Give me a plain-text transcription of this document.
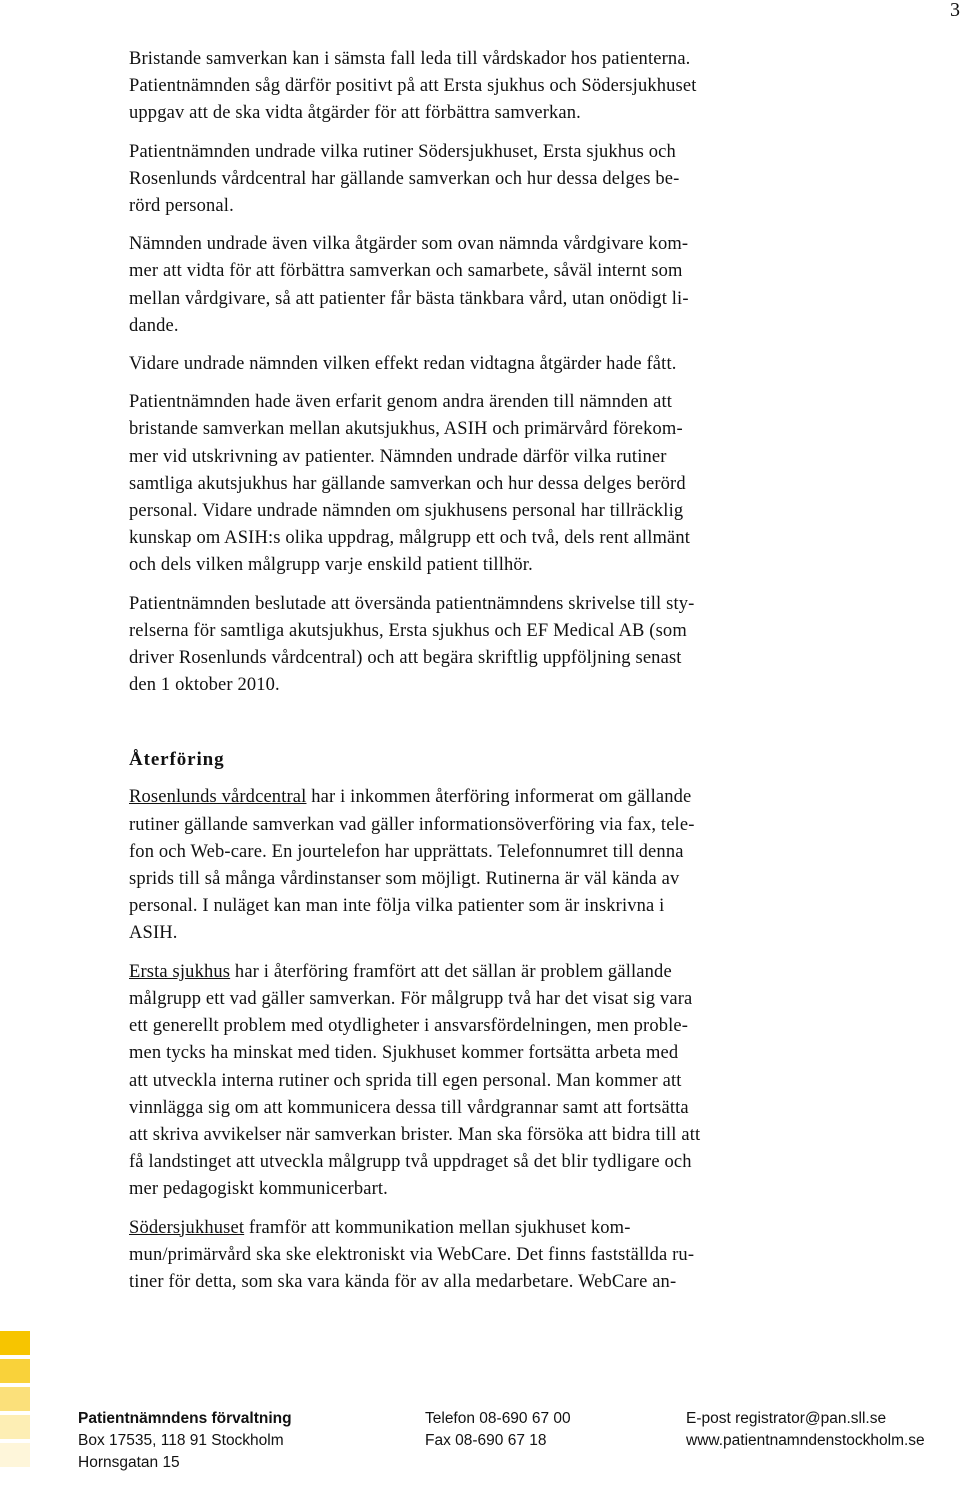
3

Bristande samverkan kan i sämsta fall leda till vårdskador hos patienterna.
Patientnämnden såg därför positivt på att Ersta sjukhus och Södersjukhuset
uppgav att de ska vidta åtgärder för att förbättra samverkan.

Patientnämnden undrade vilka rutiner Södersjukhuset, Ersta sjukhus och
Rosenlunds vårdcentral har gällande samverkan och hur dessa delges be-
rörd personal.

Nämnden undrade även vilka åtgärder som ovan nämnda vårdgivare kom-
mer att vidta för att förbättra samverkan och samarbete, såväl internt som
mellan vårdgivare, så att patienter får bästa tänkbara vård, utan onödigt li-
dande.

Vidare undrade nämnden vilken effekt redan vidtagna åtgärder hade fått.

Patientnämnden hade även erfarit genom andra ärenden till nämnden att
bristande samverkan mellan akutsjukhus, ASIH och primärvård förekom-
mer vid utskrivning av patienter. Nämnden undrade därför vilka rutiner
samtliga akutsjukhus har gällande samverkan och hur dessa delges berörd
personal. Vidare undrade nämnden om sjukhusens personal har tillräcklig
kunskap om ASIH:s olika uppdrag, målgrupp ett och två, dels rent allmänt
och dels vilken målgrupp varje enskild patient tillhör.

Patientnämnden beslutade att översända patientnämndens skrivelse till sty-
relserna för samtliga akutsjukhus, Ersta sjukhus och EF Medical AB (som
driver Rosenlunds vårdcentral) och att begära skriftlig uppföljning senast
den 1 oktober 2010.

Återföring

Rosenlunds vårdcentral har i inkommen återföring informerat om gällande
rutiner gällande samverkan vad gäller informationsöverföring via fax, tele-
fon och Web-care. En jourtelefon har upprättats. Telefonnumret till denna
sprids till så många vårdinstanser som möjligt. Rutinerna är väl kända av
personal. I nuläget kan man inte följa vilka patienter som är inskrivna i
ASIH.

Ersta sjukhus har i återföring framfört att det sällan är problem gällande
målgrupp ett vad gäller samverkan. För målgrupp två har det visat sig vara
ett generellt problem med otydligheter i ansvarsfördelningen, men proble-
men tycks ha minskat med tiden. Sjukhuset kommer fortsätta arbeta med
att utveckla interna rutiner och sprida till egen personal. Man kommer att
vinnlägga sig om att kommunicera dessa till vårdgrannar samt att fortsätta
att skriva avvikelser när samverkan brister. Man ska försöka att bidra till att
få landstinget att utveckla målgrupp två uppdraget så det blir tydligare och
mer pedagogiskt kommunicerbart.

Södersjukhuset framför att kommunikation mellan sjukhuset kom-
mun/primärvård ska ske elektroniskt via WebCare. Det finns fastställda ru-
tiner för detta, som ska vara kända för av alla medarbetare. WebCare an-

Patientnämndens förvaltning
Box 17535, 118 91 Stockholm
Hornsgatan 15
Telefon 08-690 67 00
Fax 08-690 67 18
E-post registrator@pan.sll.se
www.patientnamndenstockholm.se
